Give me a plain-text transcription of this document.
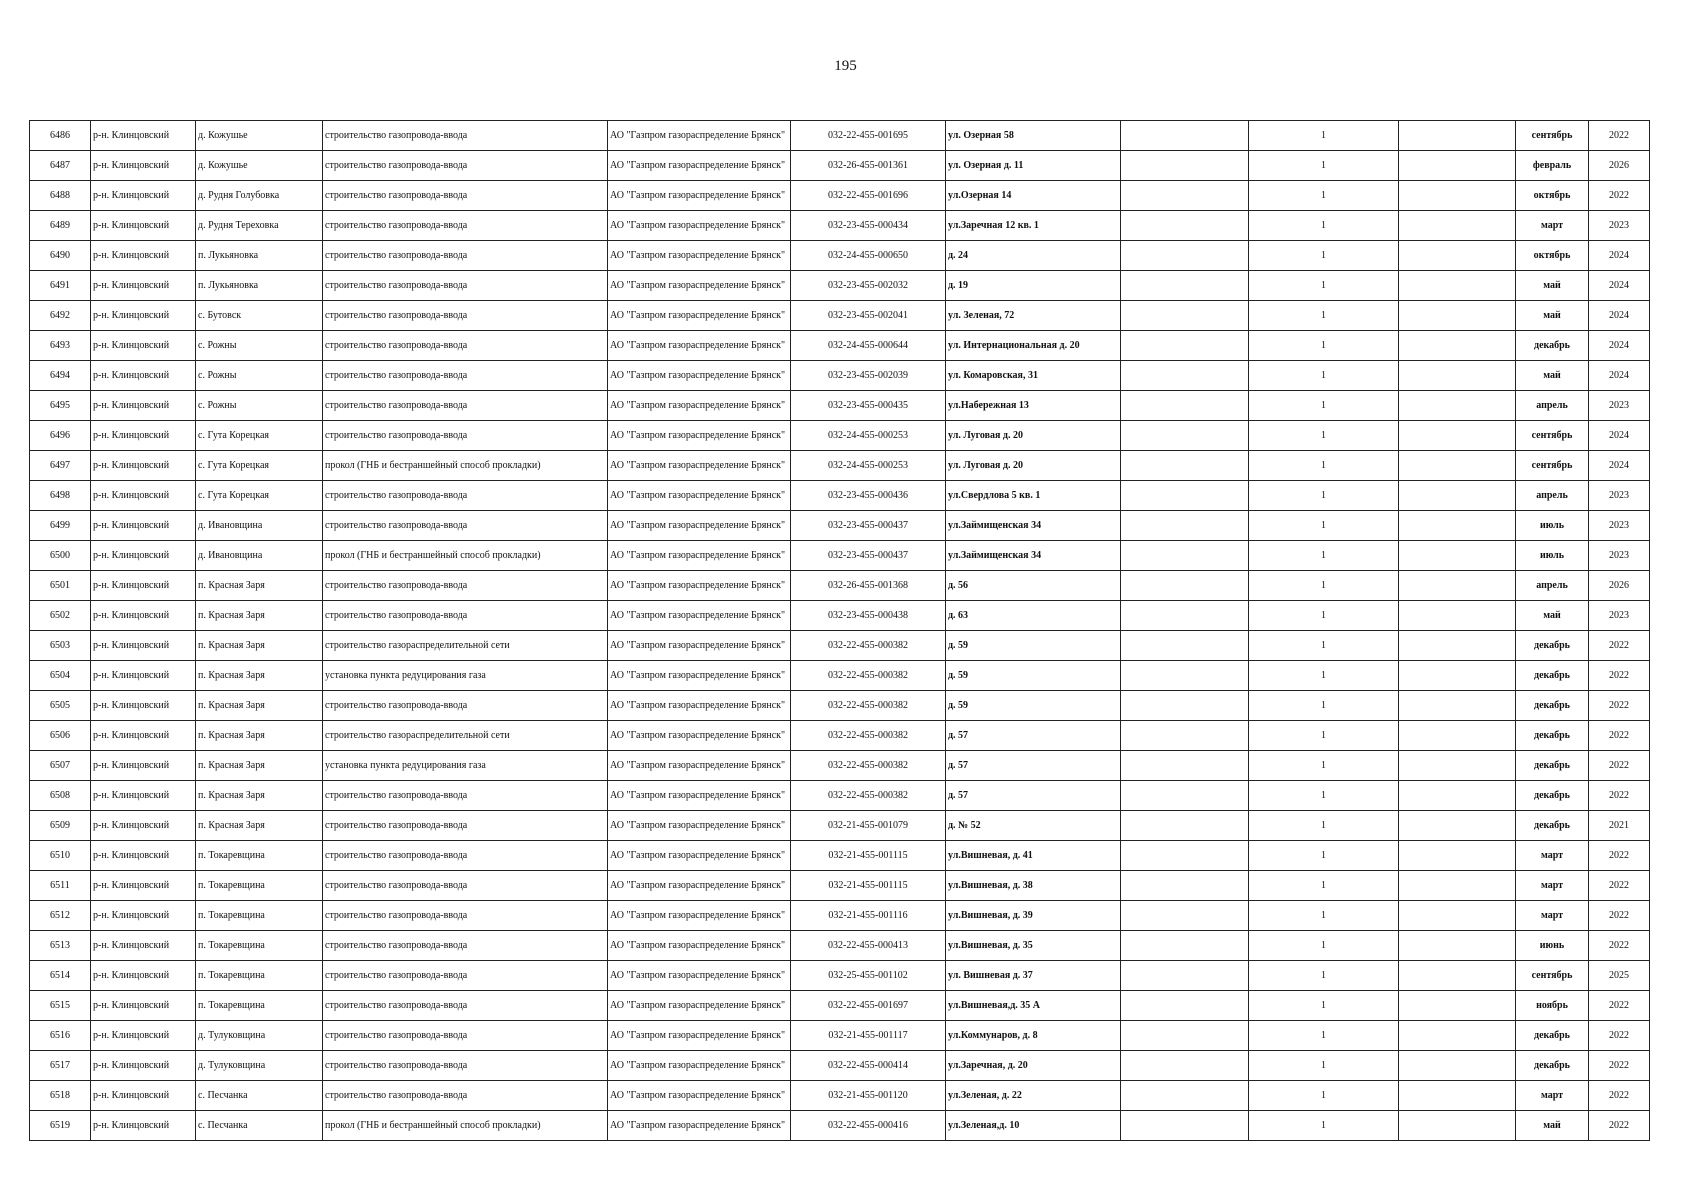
195
6486	р-н. Клинцовский	д. Кожушье	строительство газопровода-ввода	АО "Газпром газораспределение Брянск"	032-22-455-001695	ул. Озерная 58		1		сентябрь	2022
6487	р-н. Клинцовский	д. Кожушье	строительство газопровода-ввода	АО "Газпром газораспределение Брянск"	032-26-455-001361	ул. Озерная д. 11		1		февраль	2026
6488	р-н. Клинцовский	д. Рудня Голубовка	строительство газопровода-ввода	АО "Газпром газораспределение Брянск"	032-22-455-001696	ул.Озерная 14		1		октябрь	2022
6489	р-н. Клинцовский	д. Рудня Тереховка	строительство газопровода-ввода	АО "Газпром газораспределение Брянск"	032-23-455-000434	ул.Заречная 12 кв. 1		1		март	2023
6490	р-н. Клинцовский	п. Лукьяновка	строительство газопровода-ввода	АО "Газпром газораспределение Брянск"	032-24-455-000650	д. 24		1		октябрь	2024
6491	р-н. Клинцовский	п. Лукьяновка	строительство газопровода-ввода	АО "Газпром газораспределение Брянск"	032-23-455-002032	д. 19		1		май	2024
6492	р-н. Клинцовский	с. Бутовск	строительство газопровода-ввода	АО "Газпром газораспределение Брянск"	032-23-455-002041	ул. Зеленая, 72		1		май	2024
6493	р-н. Клинцовский	с. Рожны	строительство газопровода-ввода	АО "Газпром газораспределение Брянск"	032-24-455-000644	ул. Интернациональная д. 20		1		декабрь	2024
6494	р-н. Клинцовский	с. Рожны	строительство газопровода-ввода	АО "Газпром газораспределение Брянск"	032-23-455-002039	ул. Комаровская, 31		1		май	2024
6495	р-н. Клинцовский	с. Рожны	строительство газопровода-ввода	АО "Газпром газораспределение Брянск"	032-23-455-000435	ул.Набережная 13		1		апрель	2023
6496	р-н. Клинцовский	с. Гута Корецкая	строительство газопровода-ввода	АО "Газпром газораспределение Брянск"	032-24-455-000253	ул. Луговая д. 20		1		сентябрь	2024
6497	р-н. Клинцовский	с. Гута Корецкая	прокол (ГНБ и бестраншейный способ прокладки)	АО "Газпром газораспределение Брянск"	032-24-455-000253	ул. Луговая д. 20		1		сентябрь	2024
6498	р-н. Клинцовский	с. Гута Корецкая	строительство газопровода-ввода	АО "Газпром газораспределение Брянск"	032-23-455-000436	ул.Свердлова 5 кв. 1		1		апрель	2023
6499	р-н. Клинцовский	д. Ивановщина	строительство газопровода-ввода	АО "Газпром газораспределение Брянск"	032-23-455-000437	ул.Займищенская 34		1		июль	2023
6500	р-н. Клинцовский	д. Ивановщина	прокол (ГНБ и бестраншейный способ прокладки)	АО "Газпром газораспределение Брянск"	032-23-455-000437	ул.Займищенская 34		1		июль	2023
6501	р-н. Клинцовский	п. Красная Заря	строительство газопровода-ввода	АО "Газпром газораспределение Брянск"	032-26-455-001368	д. 56		1		апрель	2026
6502	р-н. Клинцовский	п. Красная Заря	строительство газопровода-ввода	АО "Газпром газораспределение Брянск"	032-23-455-000438	д. 63		1		май	2023
6503	р-н. Клинцовский	п. Красная Заря	строительство газораспределительной сети	АО "Газпром газораспределение Брянск"	032-22-455-000382	д. 59		1		декабрь	2022
6504	р-н. Клинцовский	п. Красная Заря	установка пункта редуцирования газа	АО "Газпром газораспределение Брянск"	032-22-455-000382	д. 59		1		декабрь	2022
6505	р-н. Клинцовский	п. Красная Заря	строительство газопровода-ввода	АО "Газпром газораспределение Брянск"	032-22-455-000382	д. 59		1		декабрь	2022
6506	р-н. Клинцовский	п. Красная Заря	строительство газораспределительной сети	АО "Газпром газораспределение Брянск"	032-22-455-000382	д. 57		1		декабрь	2022
6507	р-н. Клинцовский	п. Красная Заря	установка пункта редуцирования газа	АО "Газпром газораспределение Брянск"	032-22-455-000382	д. 57		1		декабрь	2022
6508	р-н. Клинцовский	п. Красная Заря	строительство газопровода-ввода	АО "Газпром газораспределение Брянск"	032-22-455-000382	д. 57		1		декабрь	2022
6509	р-н. Клинцовский	п. Красная Заря	строительство газопровода-ввода	АО "Газпром газораспределение Брянск"	032-21-455-001079	д. № 52		1		декабрь	2021
6510	р-н. Клинцовский	п. Токаревщина	строительство газопровода-ввода	АО "Газпром газораспределение Брянск"	032-21-455-001115	ул.Вишневая, д. 41		1		март	2022
6511	р-н. Клинцовский	п. Токаревщина	строительство газопровода-ввода	АО "Газпром газораспределение Брянск"	032-21-455-001115	ул.Вишневая, д. 38		1		март	2022
6512	р-н. Клинцовский	п. Токаревщина	строительство газопровода-ввода	АО "Газпром газораспределение Брянск"	032-21-455-001116	ул.Вишневая, д. 39		1		март	2022
6513	р-н. Клинцовский	п. Токаревщина	строительство газопровода-ввода	АО "Газпром газораспределение Брянск"	032-22-455-000413	ул.Вишневая, д. 35		1		июнь	2022
6514	р-н. Клинцовский	п. Токаревщина	строительство газопровода-ввода	АО "Газпром газораспределение Брянск"	032-25-455-001102	ул. Вишневая д. 37		1		сентябрь	2025
6515	р-н. Клинцовский	п. Токаревщина	строительство газопровода-ввода	АО "Газпром газораспределение Брянск"	032-22-455-001697	ул.Вишневая,д. 35 А		1		ноябрь	2022
6516	р-н. Клинцовский	д. Тулуковщина	строительство газопровода-ввода	АО "Газпром газораспределение Брянск"	032-21-455-001117	ул.Коммунаров, д. 8		1		декабрь	2022
6517	р-н. Клинцовский	д. Тулуковщина	строительство газопровода-ввода	АО "Газпром газораспределение Брянск"	032-22-455-000414	ул.Заречная, д. 20		1		декабрь	2022
6518	р-н. Клинцовский	с. Песчанка	строительство газопровода-ввода	АО "Газпром газораспределение Брянск"	032-21-455-001120	ул.Зеленая, д. 22		1		март	2022
6519	р-н. Клинцовский	с. Песчанка	прокол (ГНБ и бестраншейный способ прокладки)	АО "Газпром газораспределение Брянск"	032-22-455-000416	ул.Зеленая,д. 10		1		май	2022
